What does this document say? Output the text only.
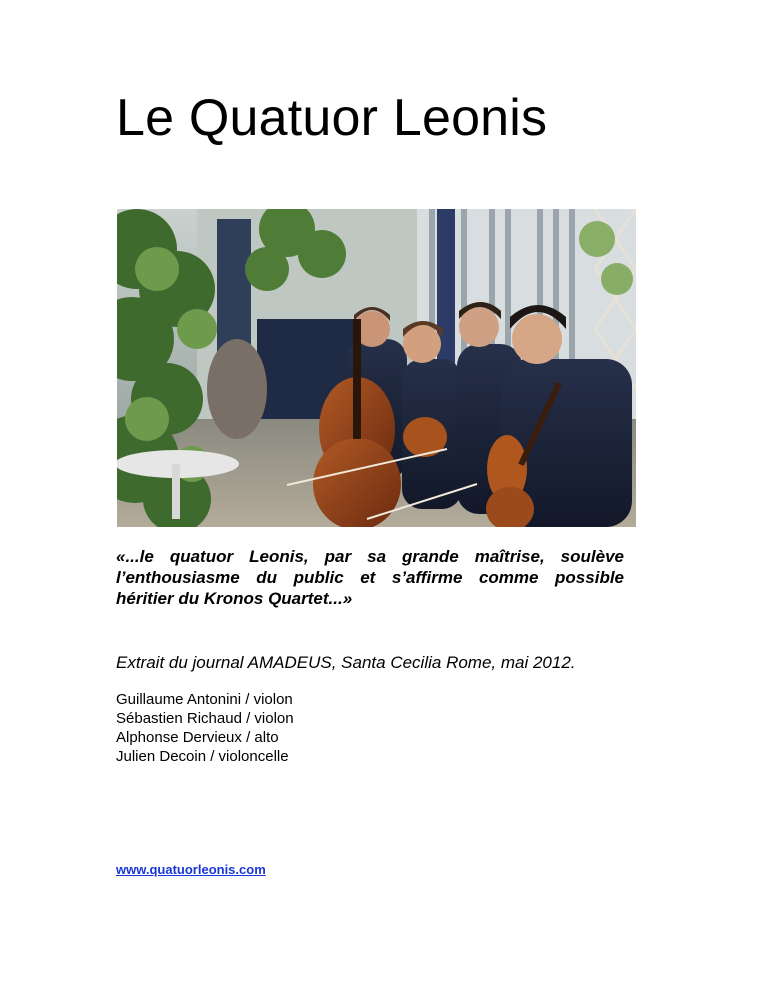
Le Quatuor Leonis

«...le quatuor Leonis, par sa grande maîtrise, soulève
l’enthousiasme du public et s’affirme comme possible
héritier du Kronos Quartet...»

Extrait du journal AMADEUS, Santa Cecilia Rome, mai 2012.

Guillaume Antonini / violon
Sébastien Richaud / violon
Alphonse Dervieux / alto
Julien Decoin / violoncelle
www.quatuorleonis.com
